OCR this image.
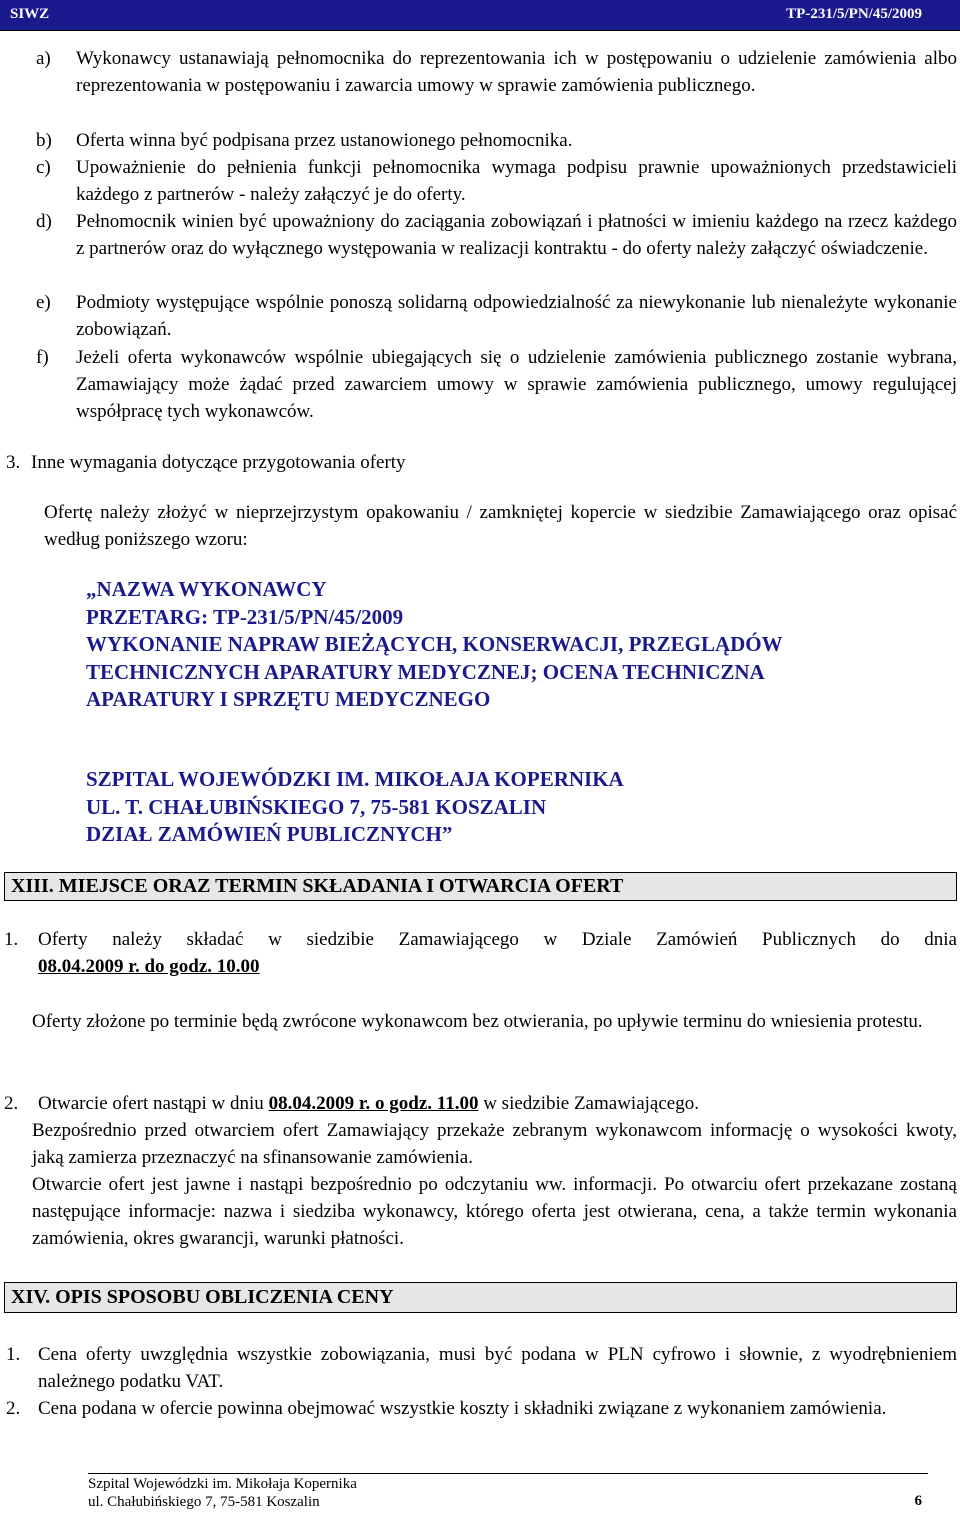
SIWZ	TP-231/5/PN/45/2009
a) Wykonawcy ustanawiają pełnomocnika do reprezentowania ich w postępowaniu o udzielenie zamówienia albo reprezentowania w postępowaniu i zawarcia umowy w sprawie zamówienia publicznego.
b) Oferta winna być podpisana przez ustanowionego pełnomocnika.
c) Upoważnienie do pełnienia funkcji pełnomocnika wymaga podpisu prawnie upoważnionych przedstawicieli każdego z partnerów - należy załączyć je do oferty.
d) Pełnomocnik winien być upoważniony do zaciągania zobowiązań i płatności w imieniu każdego na rzecz każdego z partnerów oraz do wyłącznego występowania w realizacji kontraktu - do oferty należy załączyć oświadczenie.
e) Podmioty występujące wspólnie ponoszą solidarną odpowiedzialność za niewykonanie lub nienależyte wykonanie zobowiązań.
f) Jeżeli oferta wykonawców wspólnie ubiegających się o udzielenie zamówienia publicznego zostanie wybrana, Zamawiający może żądać przed zawarciem umowy w sprawie zamówienia publicznego, umowy regulującej współpracę tych wykonawców.
3. Inne wymagania dotyczące przygotowania oferty
Ofertę należy złożyć w nieprzejrzystym opakowaniu / zamkniętej kopercie w siedzibie Zamawiającego oraz opisać według poniższego wzoru:
„NAZWA WYKONAWCY
PRZETARG: TP-231/5/PN/45/2009
WYKONANIE NAPRAW BIEŻĄCYCH, KONSERWACJI, PRZEGLĄDÓW
TECHNICZNYCH APARATURY MEDYCZNEJ; OCENA TECHNICZNA
APARATURY I SPRZĘTU MEDYCZNEGO
SZPITAL WOJEWÓDZKI IM. MIKOŁAJA KOPERNIKA
UL. T. CHAŁUBIŃSKIEGO 7, 75-581 KOSZALIN
DZIAŁ ZAMÓWIEŃ PUBLICZNYCH”
XIII. MIEJSCE ORAZ TERMIN SKŁADANIA I OTWARCIA OFERT
1. Oferty należy składać w siedzibie Zamawiającego w Dziale Zamówień Publicznych do dnia
08.04.2009 r. do godz. 10.00
Oferty złożone po terminie będą zwrócone wykonawcom bez otwierania, po upływie terminu do wniesienia protestu.
2. Otwarcie ofert nastąpi w dniu 08.04.2009 r. o godz. 11.00 w siedzibie Zamawiającego.
Bezpośrednio przed otwarciem ofert Zamawiający przekaże zebranym wykonawcom informację o wysokości kwoty, jaką zamierza przeznaczyć na sfinansowanie zamówienia.
Otwarcie ofert jest jawne i nastąpi bezpośrednio po odczytaniu ww. informacji. Po otwarciu ofert przekazane zostaną następujące informacje: nazwa i siedziba wykonawcy, którego oferta jest otwierana, cena, a także termin wykonania zamówienia, okres gwarancji, warunki płatności.
XIV. OPIS SPOSOBU OBLICZENIA CENY
1. Cena oferty uwzględnia wszystkie zobowiązania, musi być podana w PLN cyfrowo i słownie, z wyodrębnieniem należnego podatku VAT.
2. Cena podana w ofercie powinna obejmować wszystkie koszty i składniki związane z wykonaniem zamówienia.
Szpital Wojewódzki im. Mikołaja Kopernika
ul. Chałubińskiego 7, 75-581 Koszalin	6
